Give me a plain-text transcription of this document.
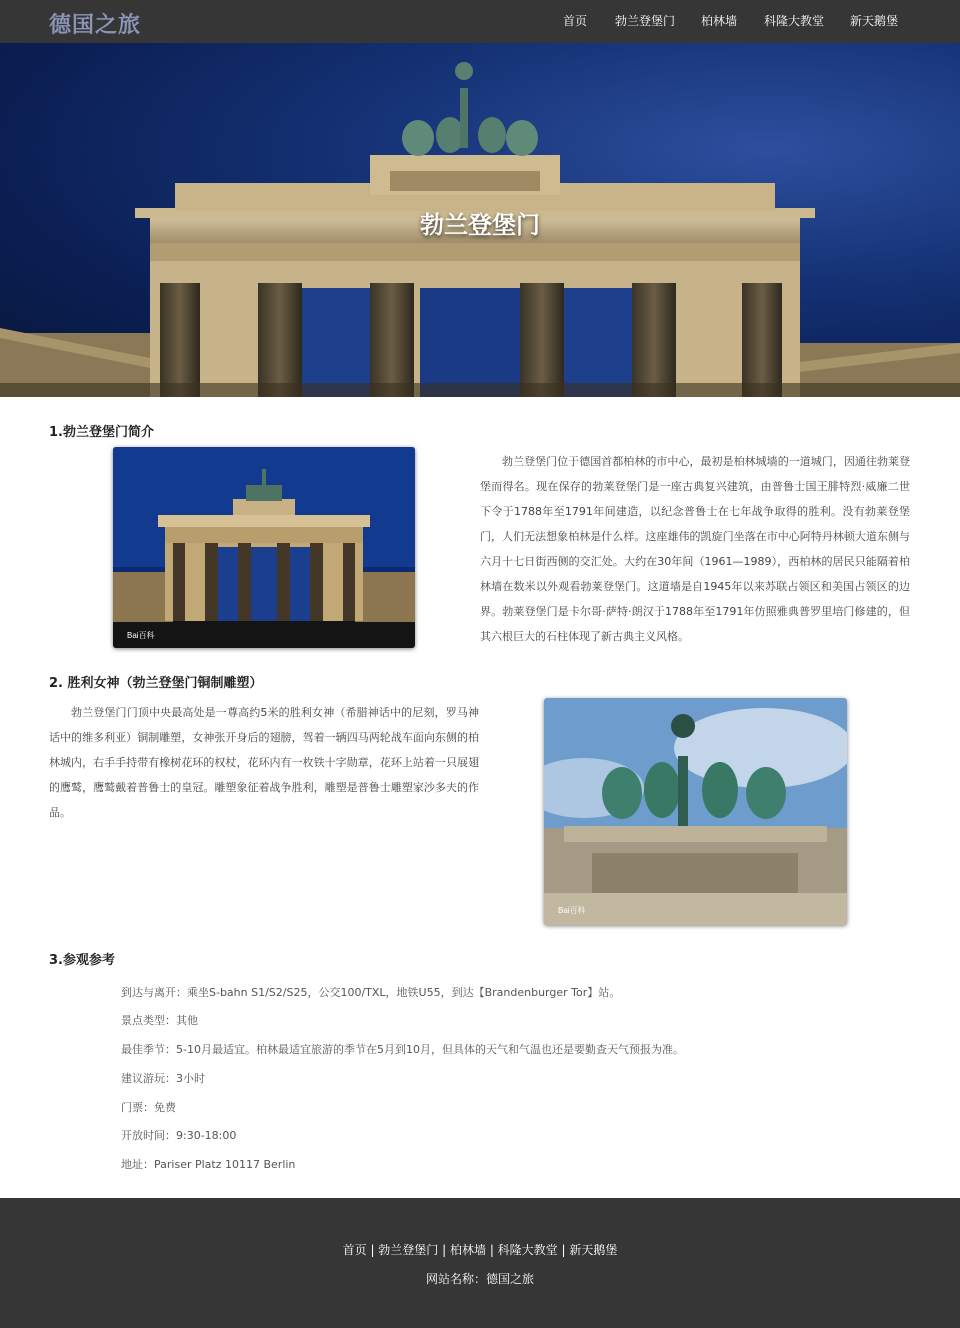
德国之旅	首页 勃兰登堡门 柏林墙 科隆大教堂 新天鹅堡
勃兰登堡门
1.勃兰登堡门简介
Bai百科
勃兰登堡门位于德国首都柏林的市中心，最初是柏林城墙的一道城门，因通往勃莱登堡而得名。现在保存的勃莱登堡门是一座古典复兴建筑，由普鲁士国王腓特烈·威廉二世下令于1788年至1791年间建造，以纪念普鲁士在七年战争取得的胜利。没有勃莱登堡门，人们无法想象柏林是什么样。这座雄伟的凯旋门坐落在市中心阿特丹林顿大道东侧与六月十七日街西侧的交汇处。大约在30年间（1961—1989），西柏林的居民只能隔着柏林墙在数米以外观看勃莱登堡门。这道墙是自1945年以来苏联占领区和美国占领区的边界。勃莱登堡门是卡尔哥·萨特·朗汉于1788年至1791年仿照雅典普罗里培门修建的，但其六根巨大的石柱体现了新古典主义风格。
2. 胜利女神（勃兰登堡门铜制雕塑）
勃兰登堡门门顶中央最高处是一尊高约5米的胜利女神（希腊神话中的尼刻，罗马神话中的维多利亚）铜制雕塑，女神张开身后的翅膀，驾着一辆四马两轮战车面向东侧的柏林城内，右手手持带有橡树花环的权杖，花环内有一枚铁十字勋章，花环上站着一只展翅的鹰鹫，鹰鹫戴着普鲁士的皇冠。雕塑象征着战争胜利，雕塑是普鲁士雕塑家沙多夫的作品。
Bai百科
3.参观参考
到达与离开：乘坐S-bahn S1/S2/S25，公交100/TXL，地铁U55，到达【Brandenburger Tor】站。
景点类型：其他
最佳季节：5-10月最适宜。柏林最适宜旅游的季节在5月到10月，但具体的天气和气温也还是要勤查天气预报为准。
建议游玩：3小时
门票：免费
开放时间：9:30-18:00
地址：Pariser Platz 10117 Berlin
首页 | 勃兰登堡门 | 柏林墙 | 科隆大教堂 | 新天鹅堡
网站名称：德国之旅
